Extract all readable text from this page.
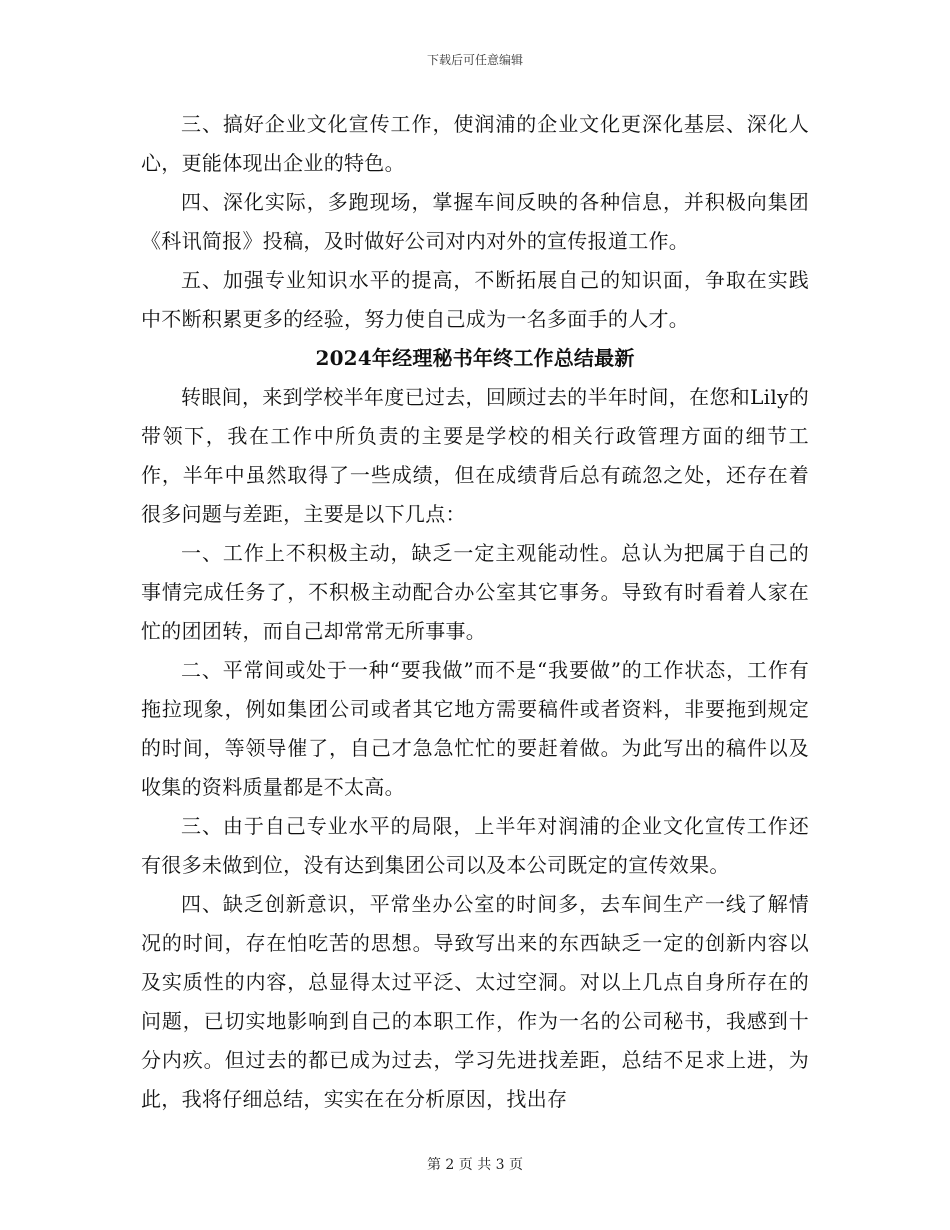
下载后可任意编辑

三、搞好企业文化宣传工作，使润浦的企业文化更深化基层、深化人心，更能体现出企业的特色。

四、深化实际，多跑现场，掌握车间反映的各种信息，并积极向集团《科讯简报》投稿，及时做好公司对内对外的宣传报道工作。

五、加强专业知识水平的提高，不断拓展自己的知识面，争取在实践中不断积累更多的经验，努力使自己成为一名多面手的人才。

2024年经理秘书年终工作总结最新

转眼间，来到学校半年度已过去，回顾过去的半年时间，在您和Lily的带领下，我在工作中所负责的主要是学校的相关行政管理方面的细节工作，半年中虽然取得了一些成绩，但在成绩背后总有疏忽之处，还存在着很多问题与差距，主要是以下几点：

一、工作上不积极主动，缺乏一定主观能动性。总认为把属于自己的事情完成任务了，不积极主动配合办公室其它事务。导致有时看着人家在忙的团团转，而自己却常常无所事事。

二、平常间或处于一种“要我做”而不是“我要做”的工作状态，工作有拖拉现象，例如集团公司或者其它地方需要稿件或者资料，非要拖到规定的时间，等领导催了，自己才急急忙忙的要赶着做。为此写出的稿件以及收集的资料质量都是不太高。

三、由于自己专业水平的局限，上半年对润浦的企业文化宣传工作还有很多未做到位，没有达到集团公司以及本公司既定的宣传效果。

四、缺乏创新意识，平常坐办公室的时间多，去车间生产一线了解情况的时间，存在怕吃苦的思想。导致写出来的东西缺乏一定的创新内容以及实质性的内容，总显得太过平泛、太过空洞。对以上几点自身所存在的问题，已切实地影响到自己的本职工作，作为一名的公司秘书，我感到十分内疚。但过去的都已成为过去，学习先进找差距，总结不足求上进，为此，我将仔细总结，实实在在分析原因，找出存

第 2 页 共 3 页
